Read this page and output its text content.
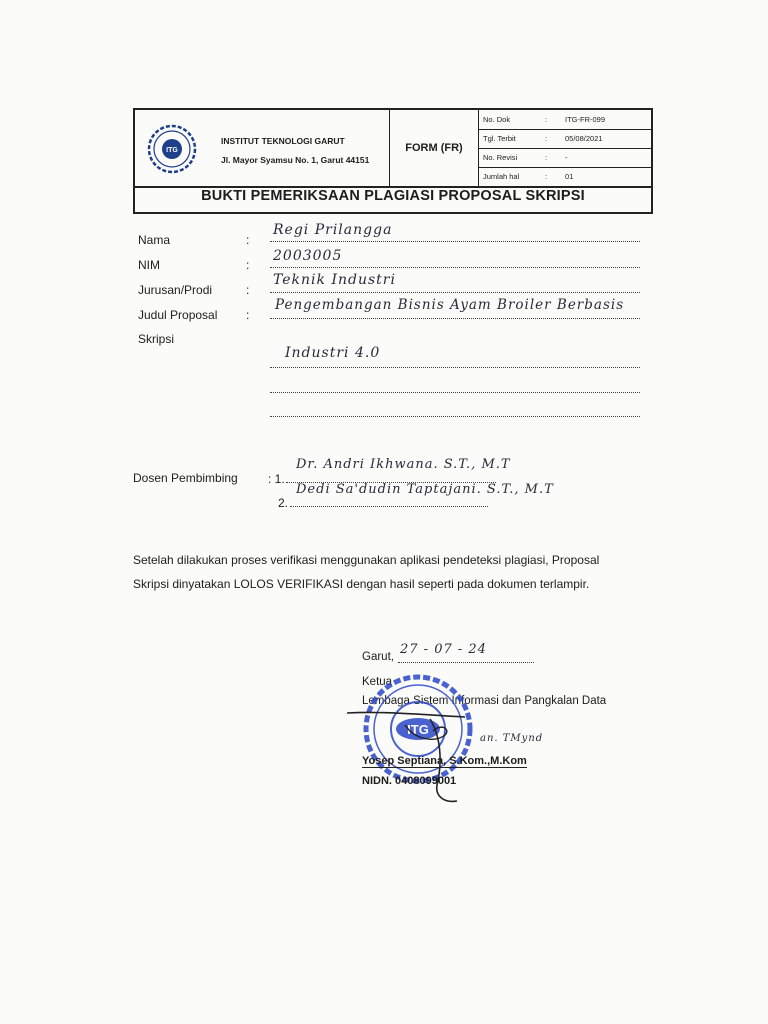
ITG
INSTITUT TEKNOLOGI GARUT
Jl. Mayor Syamsu No. 1, Garut 44151
FORM (FR)
No. Dok	: ITG-FR-099
Tgl. Terbit	: 05/08/2021
No. Revisi	: -
Jumlah hal	: 01
BUKTI PEMERIKSAAN PLAGIASI PROPOSAL SKRIPSI
Nama	:
Regi Prilangga
NIM	:
2003005
Jurusan/Prodi	:
Teknik Industri
Judul Proposal
Skripsi
:
Pengembangan Bisnis Ayam Broiler Berbasis
Industri 4.0
Dosen Pembimbing	: 1.
Dr. Andri Ikhwana. S.T., M.T
2.
Dedi Sa'dudin Taptajani. S.T., M.T
Setelah dilakukan proses verifikasi menggunakan aplikasi pendeteksi plagiasi, Proposal
Skripsi dinyatakan LOLOS VERIFIKASI dengan hasil seperti pada dokumen terlampir.
Garut, 27 - 07 - 24
Ketua
Lembaga Sistem Informasi dan Pangkalan Data
ITG
an. TMynd
Yosep Septiana, S.Kom.,M.Kom
NIDN. 0408099001
